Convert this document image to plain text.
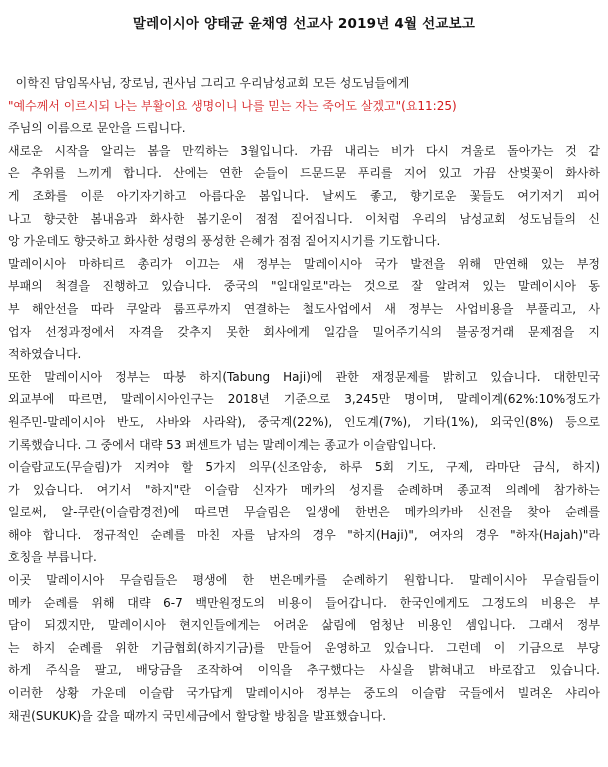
말레이시아 양태균 윤채영 선교사 2019년 4월 선교보고

이학진 담임목사님, 장로님, 권사님 그리고 우리남성교회 모든 성도님들에게

"예수께서 이르시되 나는 부활이요 생명이니 나를 믿는 자는 죽어도 살겠고"(요11:25)

주님의 이름으로 문안을 드립니다.

새로운 시작을 알리는 봄을 만끽하는 3월입니다. 가끔 내리는 비가 다시 겨울로 돌아가는 것 같

은 추위를 느끼게 합니다. 산에는 연한 순들이 드문드문 푸리를 지어 있고 가끔 산벚꽃이 화사하

게 조화를 이룬 아기자기하고 아름다운 봄입니다. 날씨도 좋고, 향기로운 꽃들도 여기저기 피어

나고 향긋한 봄내음과 화사한 봄기운이 점점 짙어집니다. 이처럼 우리의 남성교회 성도님들의 신

앙 가운데도 향긋하고 화사한 성령의 풍성한 은혜가 점점 짙어지시기를 기도합니다.

말레이시아 마하티르 총리가 이끄는 새 정부는 말레이시아 국가 발전을 위해 만연해 있는 부정

부패의 척결을 진행하고 있습니다. 중국의 "일대일로"라는 것으로 잘 알려져 있는 말레이시아 동

부 해안선을 따라 쿠알라 룸프루까지 연결하는 철도사업에서 새 정부는 사업비용을 부풀리고, 사

업자 선정과정에서 자격을 갖추지 못한 회사에게 일감을 밀어주기식의 불공정거래 문제점을 지

적하였습니다.

또한 말레이시아 정부는 따붕 하지(Tabung Haji)에 관한 재정문제를 밝히고 있습니다. 대한민국

외교부에 따르면, 말레이시아인구는 2018년 기준으로 3,245만 명이며, 말레이계(62%:10%정도가

원주민-말레이시아 반도, 사바와 사라왁), 중국계(22%), 인도계(7%), 기타(1%), 외국인(8%) 등으로

기록했습니다. 그 중에서 대략 53 퍼센트가 넘는 말레이계는 종교가 이슬람입니다.

이슬람교도(무슬림)가 지켜야 할 5가지 의무(신조암송, 하루 5회 기도, 구제, 라마단 금식, 하지)

가 있습니다. 여기서 "하지"란 이슬람 신자가 메카의 성지를 순례하며 종교적 의례에 참가하는

일로써, 알-쿠란(이슬람경전)에 따르면 무슬림은 일생에 한번은 메카의카바 신전을 찾아 순례를

해야 합니다. 정규적인 순례를 마친 자를 남자의 경우 "하지(Haji)", 여자의 경우 "하자(Hajah)"라

호칭을 부릅니다.

이곳 말레이시아 무슬림들은 평생에 한 번은메카를 순례하기 원합니다. 말레이시아 무슬림들이

메카 순례를 위해 대략 6-7 백만원정도의 비용이 들어갑니다. 한국인에게도 그정도의 비용은 부

담이 되겠지만, 말레이시아 현지인들에게는 어려운 삶림에 엄청난 비용인 셈입니다. 그래서 정부

는 하지 순례를 위한 기금협회(하지기금)를 만들어 운영하고 있습니다. 그런데 이 기금으로 부당

하게 주식을 팔고, 배당금을 조작하여 이익을 추구했다는 사실을 밝혀내고 바로잡고 있습니다.

이러한 상황 가운데 이슬람 국가답게 말레이시아 정부는 중도의 이슬람 국들에서 빌려온 샤리아

채권(SUKUK)을 갚을 때까지 국민세금에서 할당할 방침을 발표했습니다.
